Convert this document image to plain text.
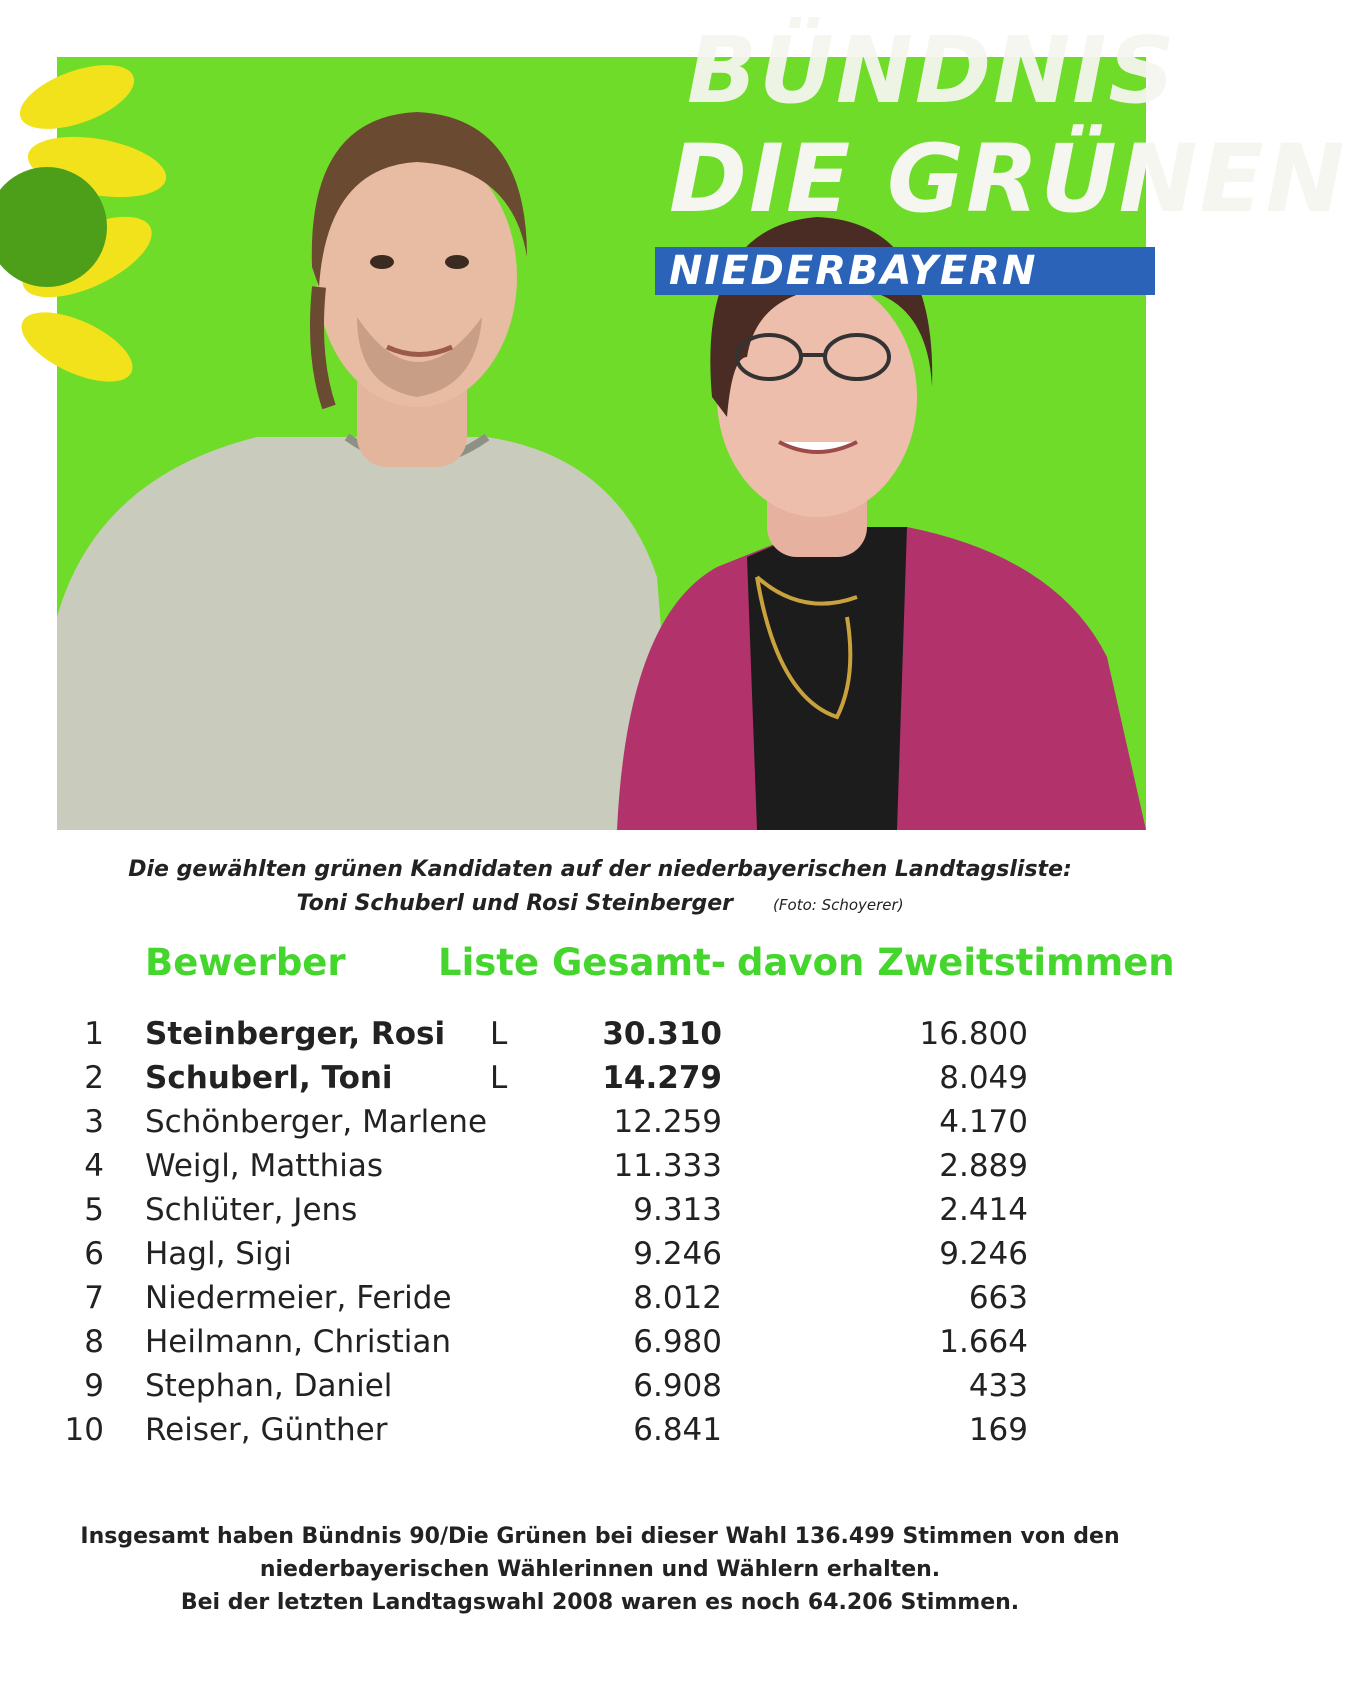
BÜNDNIS
DIE GRÜNEN
NIEDERBAYERN
Die gewählten grünen Kandidaten auf der niederbayerischen Landtagsliste:
Toni Schuberl und Rosi Steinberger	(Foto: Schoyerer)
Bewerber Liste Gesamt- davon Zweitstimmen
1 Steinberger, Rosi L	30.310	16.800
2 Schuberl, Toni	L	14.279	8.049
3 Schönberger, Marlene	12.259	4.170
4 Weigl, Matthias	11.333	2.889
5 Schlüter, Jens	9.313	2.414
6 Hagl, Sigi	9.246	9.246
7 Niedermeier, Feride	8.012	663
8 Heilmann, Christian	6.980	1.664
9 Stephan, Daniel	6.908	433
10 Reiser, Günther	6.841	169
Insgesamt haben Bündnis 90/Die Grünen bei dieser Wahl 136.499 Stimmen von den
niederbayerischen Wählerinnen und Wählern erhalten.
Bei der letzten Landtagswahl 2008 waren es noch 64.206 Stimmen.
